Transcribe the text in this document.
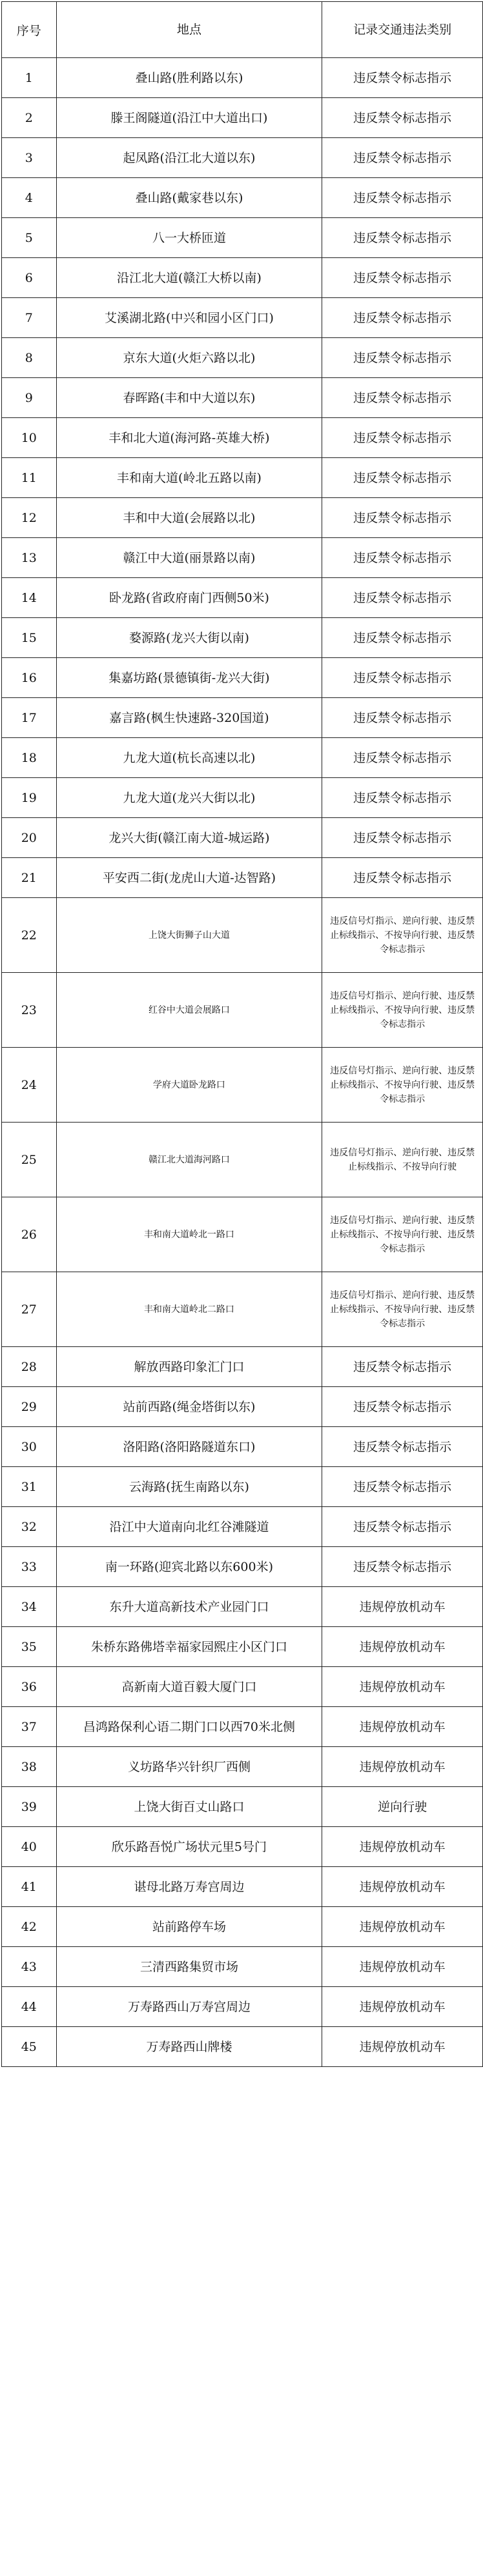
序号	地点	记录交通违法类别
1	叠山路(胜利路以东)	违反禁令标志指示
2	滕王阁隧道(沿江中大道出口)	违反禁令标志指示
3	起凤路(沿江北大道以东)	违反禁令标志指示
4	叠山路(戴家巷以东)	违反禁令标志指示
5	八一大桥匝道	违反禁令标志指示
6	沿江北大道(赣江大桥以南)	违反禁令标志指示
7	艾溪湖北路(中兴和园小区门口)	违反禁令标志指示
8	京东大道(火炬六路以北)	违反禁令标志指示
9	春晖路(丰和中大道以东)	违反禁令标志指示
10	丰和北大道(海河路-英雄大桥)	违反禁令标志指示
11	丰和南大道(岭北五路以南)	违反禁令标志指示
12	丰和中大道(会展路以北)	违反禁令标志指示
13	赣江中大道(丽景路以南)	违反禁令标志指示
14	卧龙路(省政府南门西侧50米)	违反禁令标志指示
15	婺源路(龙兴大街以南)	违反禁令标志指示
16	集嘉坊路(景德镇街-龙兴大街)	违反禁令标志指示
17	嘉言路(枫生快速路-320国道)	违反禁令标志指示
18	九龙大道(杭长高速以北)	违反禁令标志指示
19	九龙大道(龙兴大街以北)	违反禁令标志指示
20	龙兴大街(赣江南大道-城运路)	违反禁令标志指示
21	平安西二街(龙虎山大道-达智路)	违反禁令标志指示
22	上饶大街狮子山大道	违反信号灯指示、逆向行驶、违反禁止标线指示、不按导向行驶、违反禁令标志指示
23	红谷中大道会展路口	违反信号灯指示、逆向行驶、违反禁止标线指示、不按导向行驶、违反禁令标志指示
24	学府大道卧龙路口	违反信号灯指示、逆向行驶、违反禁止标线指示、不按导向行驶、违反禁令标志指示
25	赣江北大道海河路口	违反信号灯指示、逆向行驶、违反禁止标线指示、不按导向行驶
26	丰和南大道岭北一路口	违反信号灯指示、逆向行驶、违反禁止标线指示、不按导向行驶、违反禁令标志指示
27	丰和南大道岭北二路口	违反信号灯指示、逆向行驶、违反禁止标线指示、不按导向行驶、违反禁令标志指示
28	解放西路印象汇门口	违反禁令标志指示
29	站前西路(绳金塔街以东)	违反禁令标志指示
30	洛阳路(洛阳路隧道东口)	违反禁令标志指示
31	云海路(抚生南路以东)	违反禁令标志指示
32	沿江中大道南向北红谷滩隧道	违反禁令标志指示
33	南一环路(迎宾北路以东600米)	违反禁令标志指示
34	东升大道高新技术产业园门口	违规停放机动车
35	朱桥东路佛塔幸福家园熙庄小区门口	违规停放机动车
36	高新南大道百毅大厦门口	违规停放机动车
37	昌鸿路保利心语二期门口以西70米北侧	违规停放机动车
38	义坊路华兴针织厂西侧	违规停放机动车
39	上饶大街百丈山路口	逆向行驶
40	欣乐路吾悦广场状元里5号门	违规停放机动车
41	谌母北路万寿宫周边	违规停放机动车
42	站前路停车场	违规停放机动车
43	三清西路集贸市场	违规停放机动车
44	万寿路西山万寿宫周边	违规停放机动车
45	万寿路西山牌楼	违规停放机动车
